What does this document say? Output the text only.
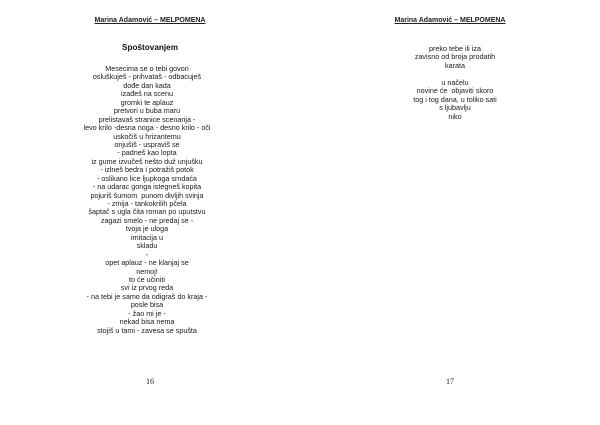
Marina Adamović – MELPOMENA
Spoštovanjem
Mesecima se o tebi govori
osluškuješ - prihvataš - odbacuješ
dođe dan kada
izađeš na scenu
gromki te aplauz
pretvori u buba maru
prelistavaš stranice scenarija -
levo krilo -desna noga - desno krilo - oči
uskočiš u hrizantemu
onjušiš - uspraviš se
- padneš kao lopta
iz gume izvučeš nešto duž unjušku
- izlneš bedra i potražiš potok
- oslikano lice ljupkoga srndaća
- na udarac gonga istegneš kopita
pojuriš šumom  punom divljih svinja
- zmija - tankokrilih pčela
šaptač s ugla čita roman po uputstvu
zagazi smelo - ne predaj se -
tvoja je uloga
imitacija u
skladu
-
opet aplauz - ne klanjaj se
nemoj!
to će učiniti
svi iz prvog reda
- na tebi je samo da odigraš do kraja -
posle bisa
- žao mi je -
nekad bisa nema
stojiš u tami - zavesa se spušta
16
Marina Adamović – MELPOMENA
preko tebe ili iza
zavisno od broja prodatih
karata
u načelu
novine će  objaviti skoro
tog i tog dana, u toliko sati
s ljubavlju
niko
17
